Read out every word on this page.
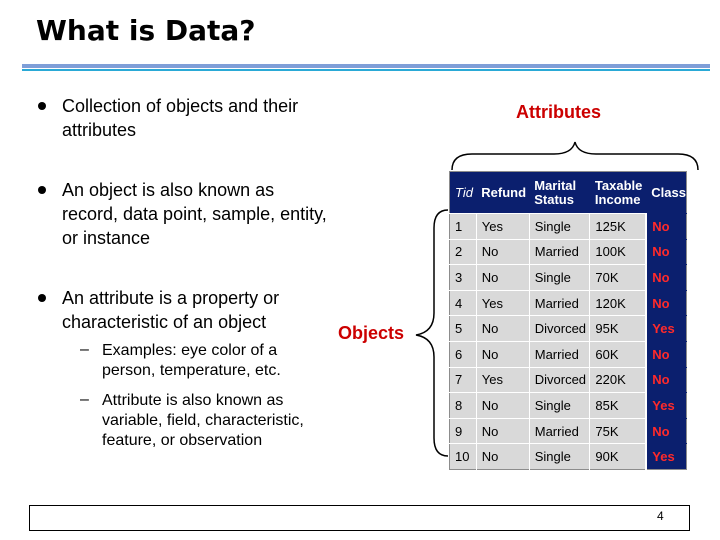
What is Data?
Collection of objects and their attributes
An object is also known as record, data point, sample, entity, or instance
An attribute is a property or characteristic of an object
– Examples: eye color of a person, temperature, etc.
– Attribute is also known as variable, field, characteristic, feature, or observation
Attributes
Objects
Tid	Refund	Marital Status	Taxable Income	Class
1	Yes	Single	125K	No
2	No	Married	100K	No
3	No	Single	70K	No
4	Yes	Married	120K	No
5	No	Divorced	95K	Yes
6	No	Married	60K	No
7	Yes	Divorced	220K	No
8	No	Single	85K	Yes
9	No	Married	75K	No
10	No	Single	90K	Yes
4
